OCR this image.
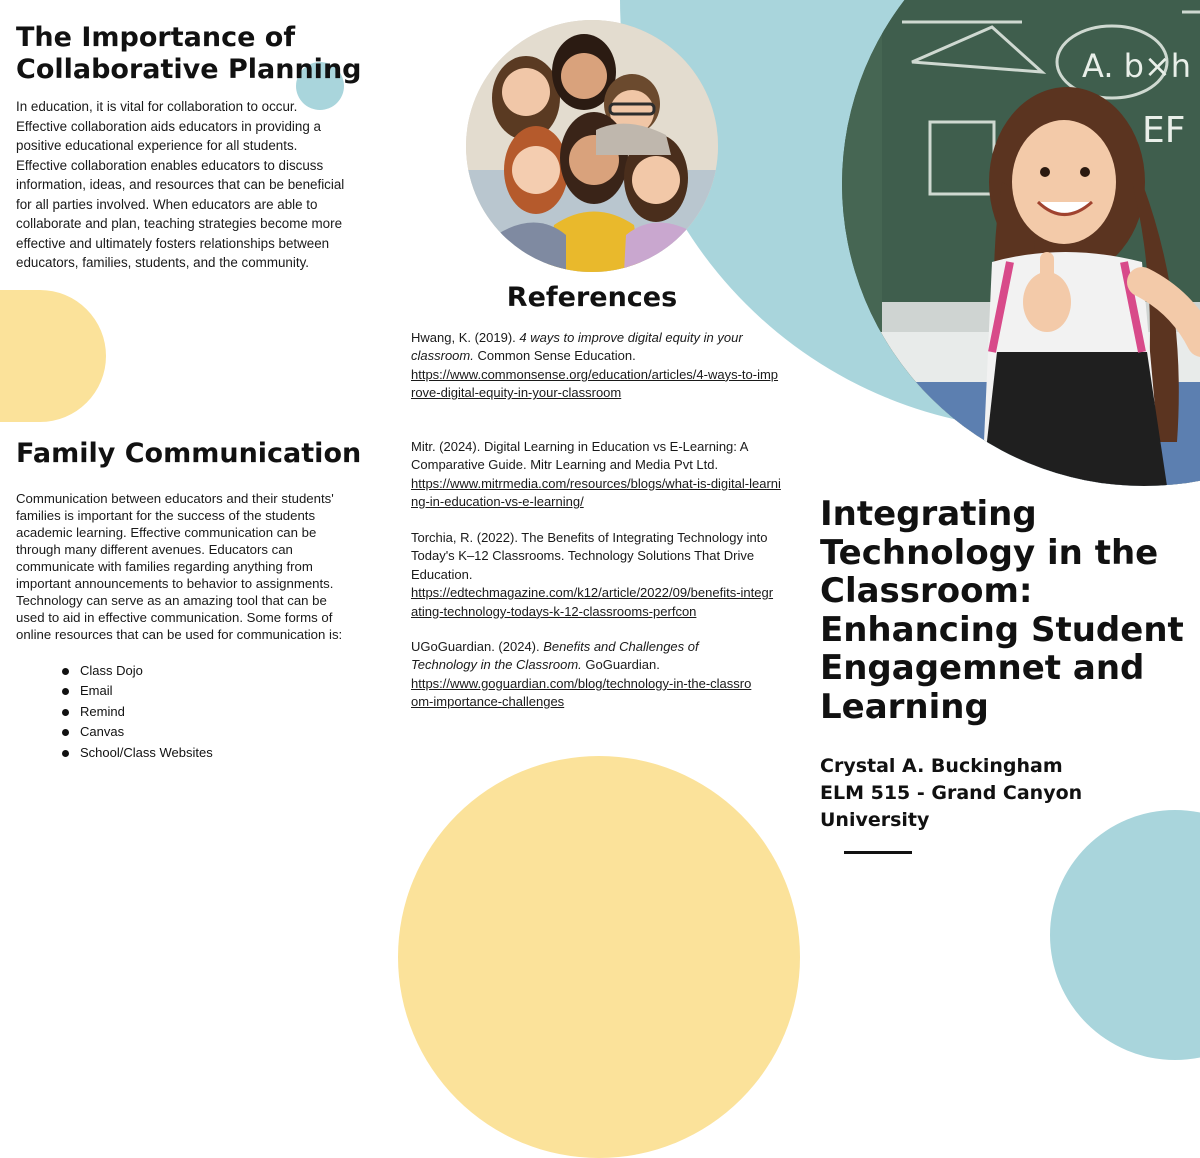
The Importance of
Collaborative Planning

In education, it is vital for collaboration to occur. Effective collaboration aids educators in providing a positive educational experience for all students. Effective collaboration enables educators to discuss information, ideas, and resources that can be beneficial for all parties involved. When educators are able to collaborate and plan, teaching strategies become more effective and ultimately fosters relationships between educators, families, students, and the community.

Family Communication

Communication between educators and their students' families is important for the success of the students academic learning. Effective communication can be through many different avenues. Educators can communicate with families regarding anything from important announcements to behavior to assignments. Technology can serve as an amazing tool that can be used to aid in effective communication. Some forms of online resources that can be used for communication is:

Class Dojo
Email
Remind
Canvas
School/Class Websites
References
Hwang, K. (2019). 4 ways to improve digital equity in your classroom. Common Sense Education.
https://www.commonsense.org/education/articles/4-ways-to-improve-digital-equity-in-your-classroom
Mitr. (2024). Digital Learning in Education vs E-Learning: A Comparative Guide. Mitr Learning and Media Pvt Ltd.
https://www.mitrmedia.com/resources/blogs/what-is-digital-learning-in-education-vs-e-learning/
Torchia, R. (2022). The Benefits of Integrating Technology into Today's K–12 Classrooms. Technology Solutions That Drive Education.
https://edtechmagazine.com/k12/article/2022/09/benefits-integrating-technology-todays-k-12-classrooms-perfcon
UGoGuardian. (2024). Benefits and Challenges of Technology in the Classroom. GoGuardian.
https://www.goguardian.com/blog/technology-in-the-classroom-importance-challenges
A. b×h
EF
Integrating Technology in the Classroom: Enhancing Student Engagemnet and Learning
Crystal A. Buckingham
ELM 515 - Grand Canyon University
